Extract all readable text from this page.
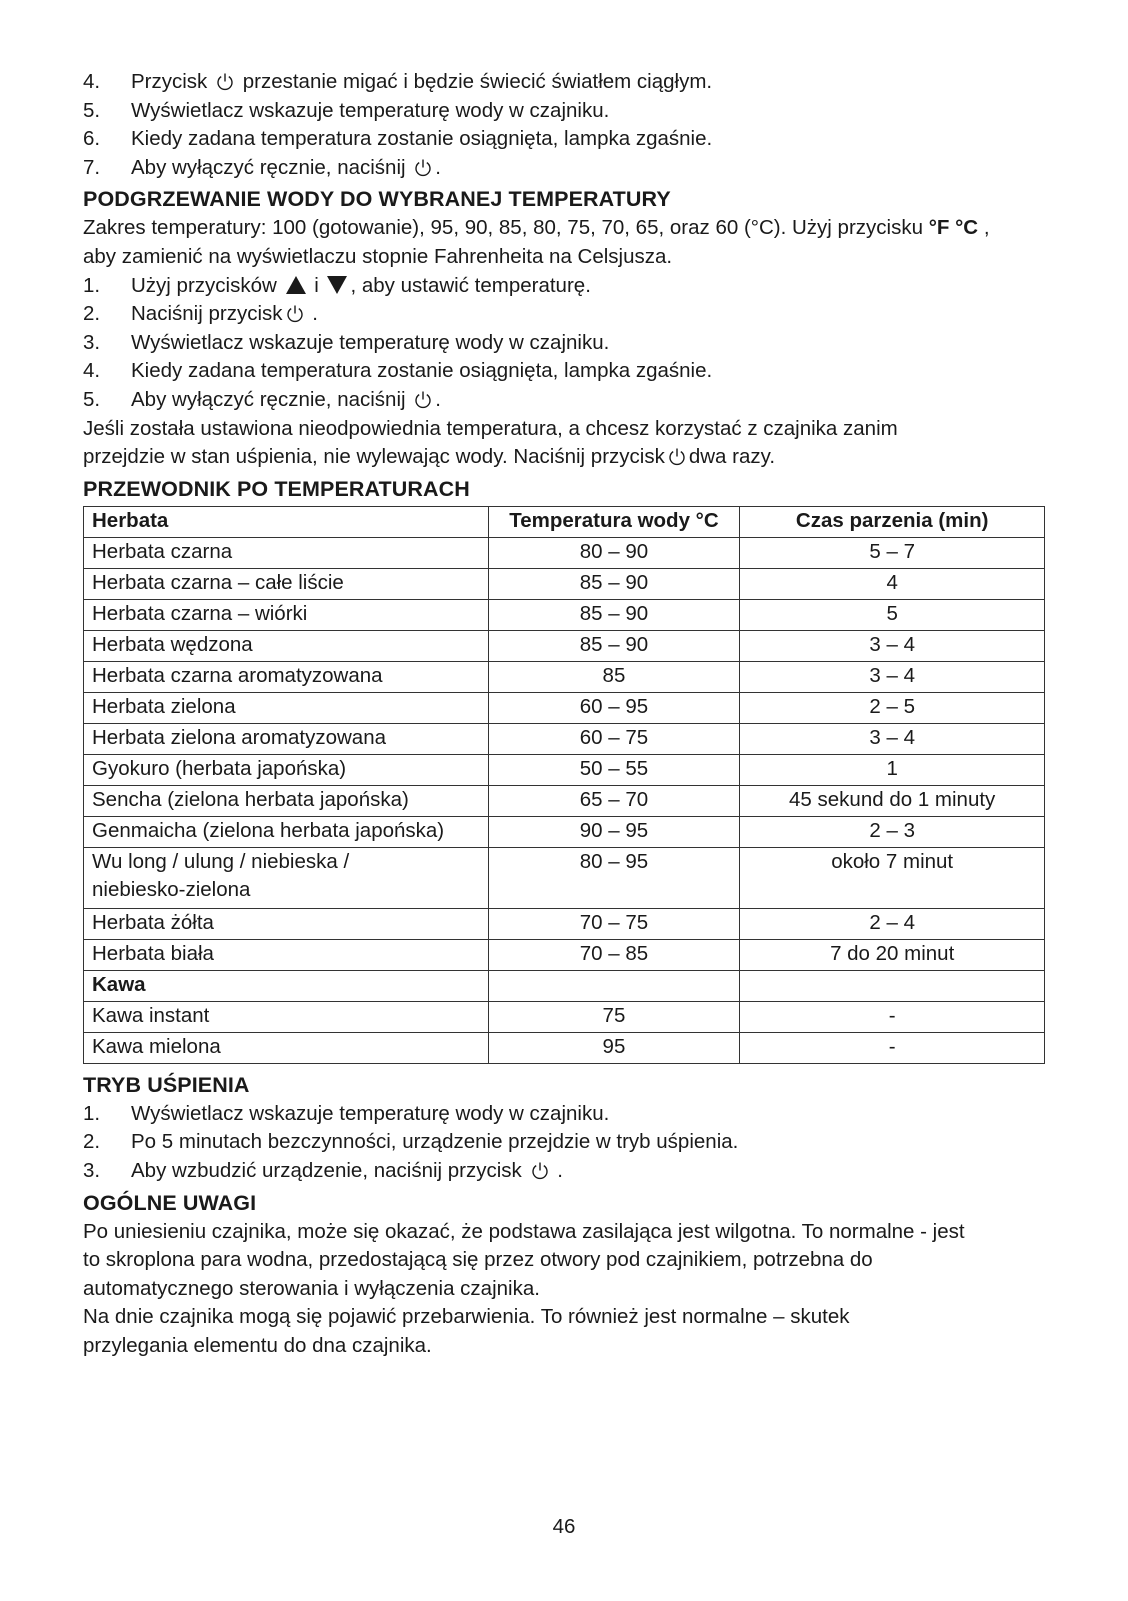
4.	Przycisk przestanie migać i będzie świecić światłem ciągłym.
5.	Wyświetlacz wskazuje temperaturę wody w czajniku.
6.	Kiedy zadana temperatura zostanie osiągnięta, lampka zgaśnie.
7.	Aby wyłączyć ręcznie, naciśnij .
PODGRZEWANIE WODY DO WYBRANEJ TEMPERATURY

Zakres temperatury: 100 (gotowanie), 95, 90, 85, 80, 75, 70, 65, oraz 60 (°C). Użyj przycisku °F °C ,

aby zamienić na wyświetlaczu stopnie Fahrenheita na Celsjusza.

1.	Użyj przycisków i , aby ustawić temperaturę.
2.	Naciśnij przycisk .
3.	Wyświetlacz wskazuje temperaturę wody w czajniku.
4.	Kiedy zadana temperatura zostanie osiągnięta, lampka zgaśnie.
5.	Aby wyłączyć ręcznie, naciśnij .

Jeśli została ustawiona nieodpowiednia temperatura, a chcesz korzystać z czajnika zanim

przejdzie w stan uśpienia, nie wylewając wody. Naciśnij przycisk dwa razy.

PRZEWODNIK PO TEMPERATURACH
Herbata	Temperatura wody °C	Czas parzenia (min)
Herbata czarna	80 – 90	5 – 7
Herbata czarna – całe liście	85 – 90	4
Herbata czarna – wiórki	85 – 90	5
Herbata wędzona	85 – 90	3 – 4
Herbata czarna aromatyzowana	85	3 – 4
Herbata zielona	60 – 95	2 – 5
Herbata zielona aromatyzowana	60 – 75	3 – 4
Gyokuro (herbata japońska)	50 – 55	1
Sencha (zielona herbata japońska)	65 – 70	45 sekund do 1 minuty
Genmaicha (zielona herbata japońska)	90 – 95	2 – 3
Wu long / ulung / niebieska /
niebiesko-zielona	80 – 95	około 7 minut
Herbata żółta	70 – 75	2 – 4
Herbata biała	70 – 85	7 do 20 minut
Kawa		
Kawa instant	75	-
Kawa mielona	95	-
TRYB UŚPIENIA
1.	Wyświetlacz wskazuje temperaturę wody w czajniku.
2.	Po 5 minutach bezczynności, urządzenie przejdzie w tryb uśpienia.
3.	Aby wzbudzić urządzenie, naciśnij przycisk .
OGÓLNE UWAGI

Po uniesieniu czajnika, może się okazać, że podstawa zasilająca jest wilgotna. To normalne - jest

to skroplona para wodna, przedostającą się przez otwory pod czajnikiem, potrzebna do

automatycznego sterowania i wyłączenia czajnika.

Na dnie czajnika mogą się pojawić przebarwienia. To również jest normalne – skutek

przylegania elementu do dna czajnika.

46
